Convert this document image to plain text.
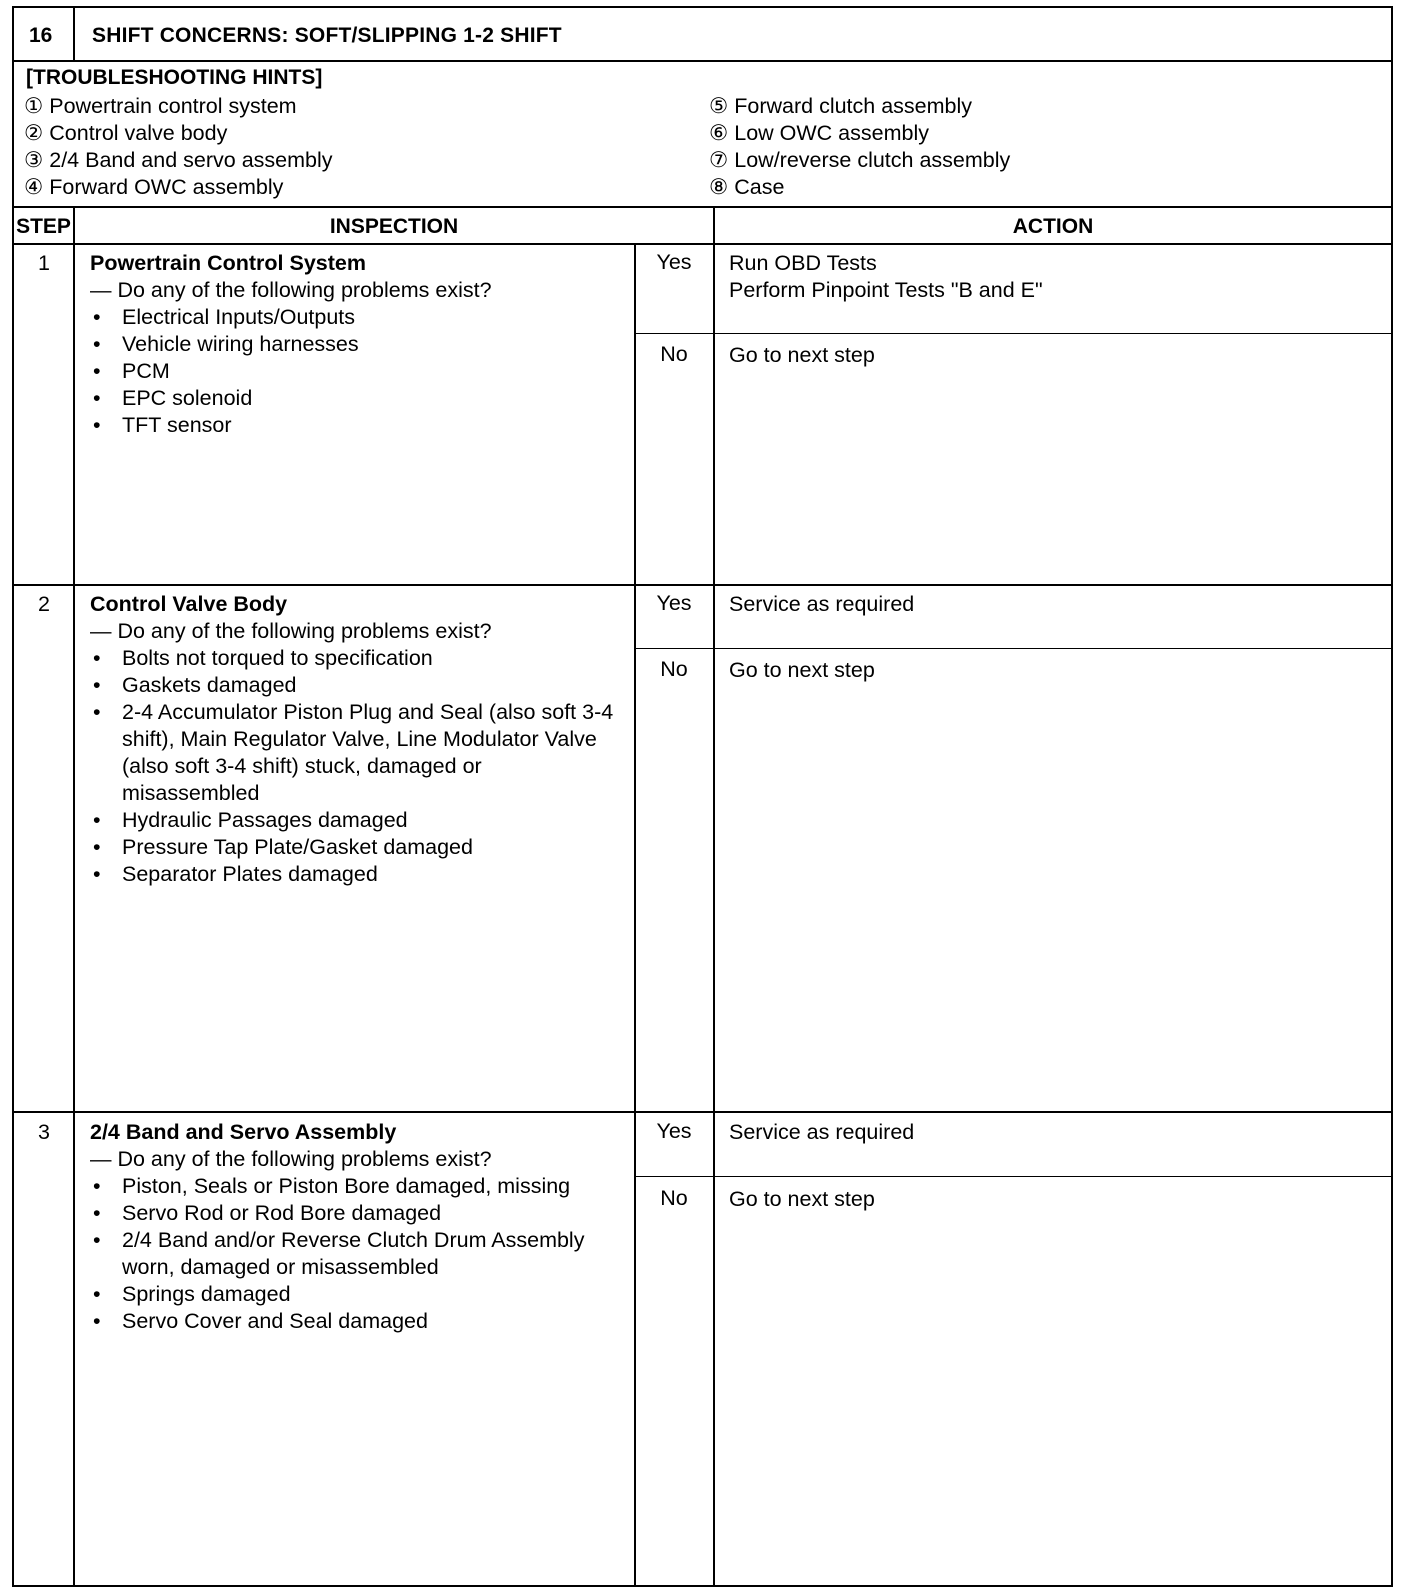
16 SHIFT CONCERNS: SOFT/SLIPPING 1-2 SHIFT
[TROUBLESHOOTING HINTS]
① Powertrain control system
② Control valve body
③ 2/4 Band and servo assembly
④ Forward OWC assembly
⑤ Forward clutch assembly
⑥ Low OWC assembly
⑦ Low/reverse clutch assembly
⑧ Case
STEP	INSPECTION	ACTION
1	Powertrain Control System
— Do any of the following problems exist?
• Electrical Inputs/Outputs
• Vehicle wiring harnesses
• PCM
• EPC solenoid
• TFT sensor
Yes	Run OBD Tests
Perform Pinpoint Tests "B and E"
No	Go to next step
2	Control Valve Body
— Do any of the following problems exist?
• Bolts not torqued to specification
• Gaskets damaged
• 2-4 Accumulator Piston Plug and Seal (also soft 3-4 shift), Main Regulator Valve, Line Modulator Valve (also soft 3-4 shift) stuck, damaged or misassembled
• Hydraulic Passages damaged
• Pressure Tap Plate/Gasket damaged
• Separator Plates damaged
Yes	Service as required
No	Go to next step
3	2/4 Band and Servo Assembly
— Do any of the following problems exist?
• Piston, Seals or Piston Bore damaged, missing
• Servo Rod or Rod Bore damaged
• 2/4 Band and/or Reverse Clutch Drum Assembly worn, damaged or misassembled
• Springs damaged
• Servo Cover and Seal damaged
Yes	Service as required
No	Go to next step
